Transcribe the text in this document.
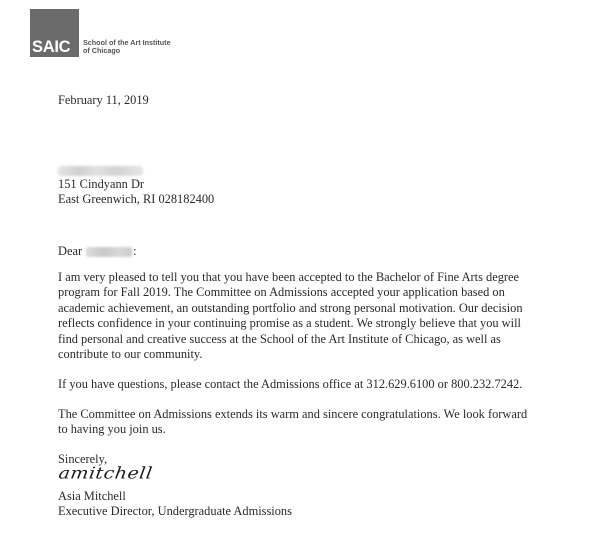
SAIC School of the Art Institute
of Chicago
February 11, 2019
151 Cindyann Dr
East Greenwich, RI 028182400
Dear	:
I am very pleased to tell you that you have been accepted to the Bachelor of Fine Arts degree
program for Fall 2019. The Committee on Admissions accepted your application based on
academic achievement, an outstanding portfolio and strong personal motivation. Our decision
reflects confidence in your continuing promise as a student. We strongly believe that you will
find personal and creative success at the School of the Art Institute of Chicago, as well as
contribute to our community.
If you have questions, please contact the Admissions office at 312.629.6100 or 800.232.7242.
The Committee on Admissions extends its warm and sincere congratulations. We look forward
to having you join us.
Sincerely,
amitchell
Asia Mitchell
Executive Director, Undergraduate Admissions
